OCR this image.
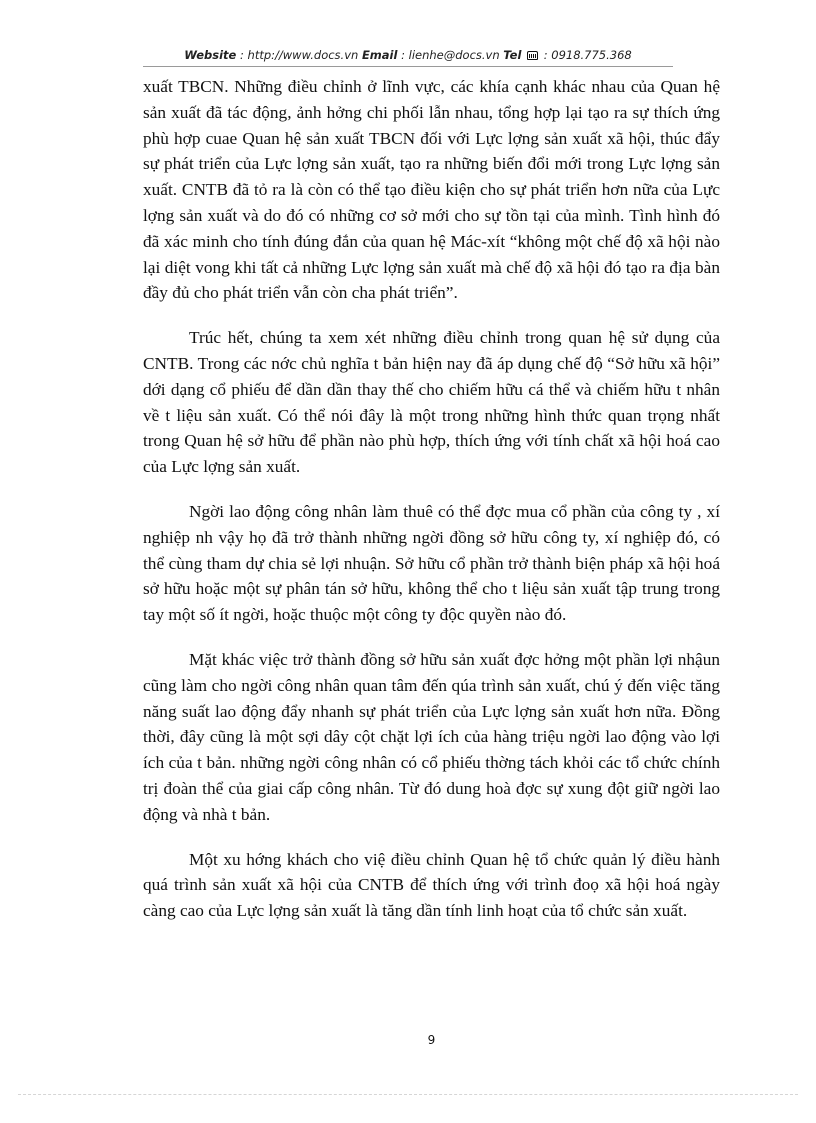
Website : http://www.docs.vn Email : lienhe@docs.vn Tel  : 0918.775.368

xuất TBCN. Những điều chỉnh ở lĩnh vực, các khía cạnh khác nhau của Quan hệ sản xuất đã tác động, ảnh hởng chi phối lẫn nhau, tổng hợp lại tạo ra sự thích ứng phù hợp cuae Quan hệ sản xuất TBCN đối với Lực lợng sản xuất xã hội, thúc đẩy sự phát triển của Lực lợng sản xuất, tạo ra những biến đổi mới trong Lực lợng sản xuất. CNTB đã tỏ ra là còn có thể tạo điều kiện cho sự phát triển hơn nữa của Lực lợng sản xuất và do đó có những cơ sở mới cho sự tồn tại của mình. Tình hình đó đã xác minh cho tính đúng đắn của quan hệ Mác-xít “không một chế độ xã hội nào lại diệt vong khi tất cả những Lực lợng sản xuất mà chế độ xã hội đó tạo ra địa bàn đầy đủ cho phát triển vẫn còn cha phát triển”.

Trúc hết, chúng ta xem xét những điều chỉnh trong quan hệ sử dụng của CNTB. Trong các nớc chủ nghĩa t bản hiện nay đã áp dụng chế độ “Sở hữu xã hội” dới dạng cổ phiếu để dần dần thay thế cho chiếm hữu cá thể và chiếm hữu t nhân về t liệu sản xuất. Có thể nói đây là một trong những hình thức quan trọng nhất trong Quan hệ sở hữu để phần nào phù hợp, thích ứng với tính chất xã hội hoá cao của Lực lợng sản xuất.

Ngời lao động công nhân làm thuê có thể đợc mua cổ phần của công ty , xí nghiệp nh vậy họ đã trở thành những ngời đồng sở hữu công ty, xí nghiệp đó, có thể cùng tham dự chia sẻ lợi nhuận. Sở hữu cổ phần trở thành biện pháp xã hội hoá sở hữu hoặc một sự phân tán sở hữu, không thể cho t liệu sản xuất tập trung trong tay một số ít ngời, hoặc thuộc một công ty độc quyền nào đó.

Mặt khác việc trở thành đồng sở hữu sản xuất đợc hởng một phần lợi nhậun cũng làm cho ngời công nhân quan tâm đến qúa trình sản xuất, chú ý đến việc tăng năng suất lao động đẩy nhanh sự phát triển của Lực lợng sản xuất hơn nữa. Đồng thời, đây cũng là một sợi dây cột chặt lợi ích của hàng triệu ngời lao động vào lợi ích của t bản. những ngời công nhân có cổ phiếu thờng tách khỏi các tổ chức chính trị đoàn thể của giai cấp công nhân. Từ đó dung hoà đợc sự xung đột giữ ngời lao động và nhà t bản.

Một xu hớng khách cho việ điều chỉnh Quan hệ tổ chức quản lý điều hành quá trình sản xuất xã hội của CNTB để thích ứng với trình đoọ xã hội hoá ngày càng cao của Lực lợng sản xuất là tăng dần tính linh hoạt của tổ chức sản xuất.

9
